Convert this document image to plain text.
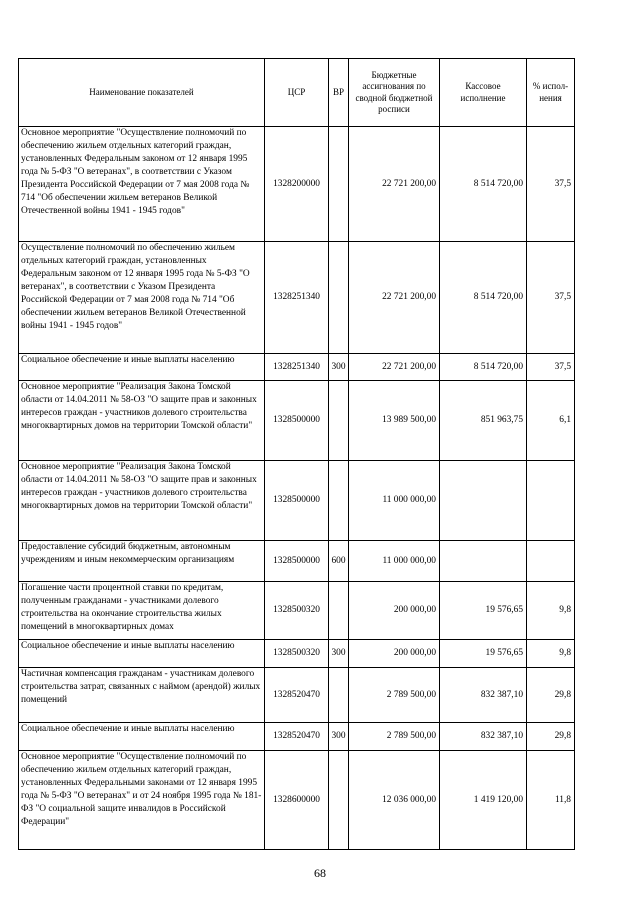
Наименование показателей	ЦСР	ВР	Бюджетные ассигнования по сводной бюджетной росписи	Кассовое исполнение	% испол-нения
Основное мероприятие "Осуществление полномочий по обеспечению жильем отдельных категорий граждан, установленных Федеральным законом от 12 января 1995 года № 5-ФЗ "О ветеранах", в соответствии с Указом Президента Российской Федерации от 7 мая 2008 года № 714 "Об обеспечении жильем ветеранов Великой Отечественной войны 1941 - 1945 годов"	1328200000		22 721 200,00	8 514 720,00	37,5
Осуществление полномочий по обеспечению жильем отдельных категорий граждан, установленных Федеральным законом от 12 января 1995 года № 5-ФЗ "О ветеранах", в соответствии с Указом Президента Российской Федерации от 7 мая 2008 года № 714 "Об обеспечении жильем ветеранов Великой Отечественной войны 1941 - 1945 годов"	1328251340		22 721 200,00	8 514 720,00	37,5
Социальное обеспечение и иные выплаты населению	1328251340	300	22 721 200,00	8 514 720,00	37,5
Основное мероприятие "Реализация Закона Томской области от 14.04.2011 № 58-ОЗ "О защите прав и законных интересов граждан - участников долевого строительства многоквартирных домов на территории Томской области"	1328500000		13 989 500,00	851 963,75	6,1
Основное мероприятие "Реализация Закона Томской области от 14.04.2011 № 58-ОЗ "О защите прав и законных интересов граждан - участников долевого строительства многоквартирных домов на территории Томской области"	1328500000		11 000 000,00		
Предоставление субсидий бюджетным, автономным учреждениям и иным некоммерческим организациям	1328500000	600	11 000 000,00		
Погашение части процентной ставки по кредитам, полученным гражданами - участниками долевого строительства на окончание строительства жилых помещений в многоквартирных домах	1328500320		200 000,00	19 576,65	9,8
Социальное обеспечение и иные выплаты населению	1328500320	300	200 000,00	19 576,65	9,8
Частичная компенсация гражданам - участникам долевого строительства затрат, связанных с наймом (арендой) жилых помещений	1328520470		2 789 500,00	832 387,10	29,8
Социальное обеспечение и иные выплаты населению	1328520470	300	2 789 500,00	832 387,10	29,8
Основное мероприятие "Осуществление полномочий по обеспечению жильем отдельных категорий граждан, установленных Федеральными законами от 12 января 1995 года № 5-ФЗ "О ветеранах" и от 24 ноября 1995 года № 181-ФЗ "О социальной защите инвалидов в Российской Федерации"	1328600000		12 036 000,00	1 419 120,00	11,8
68
